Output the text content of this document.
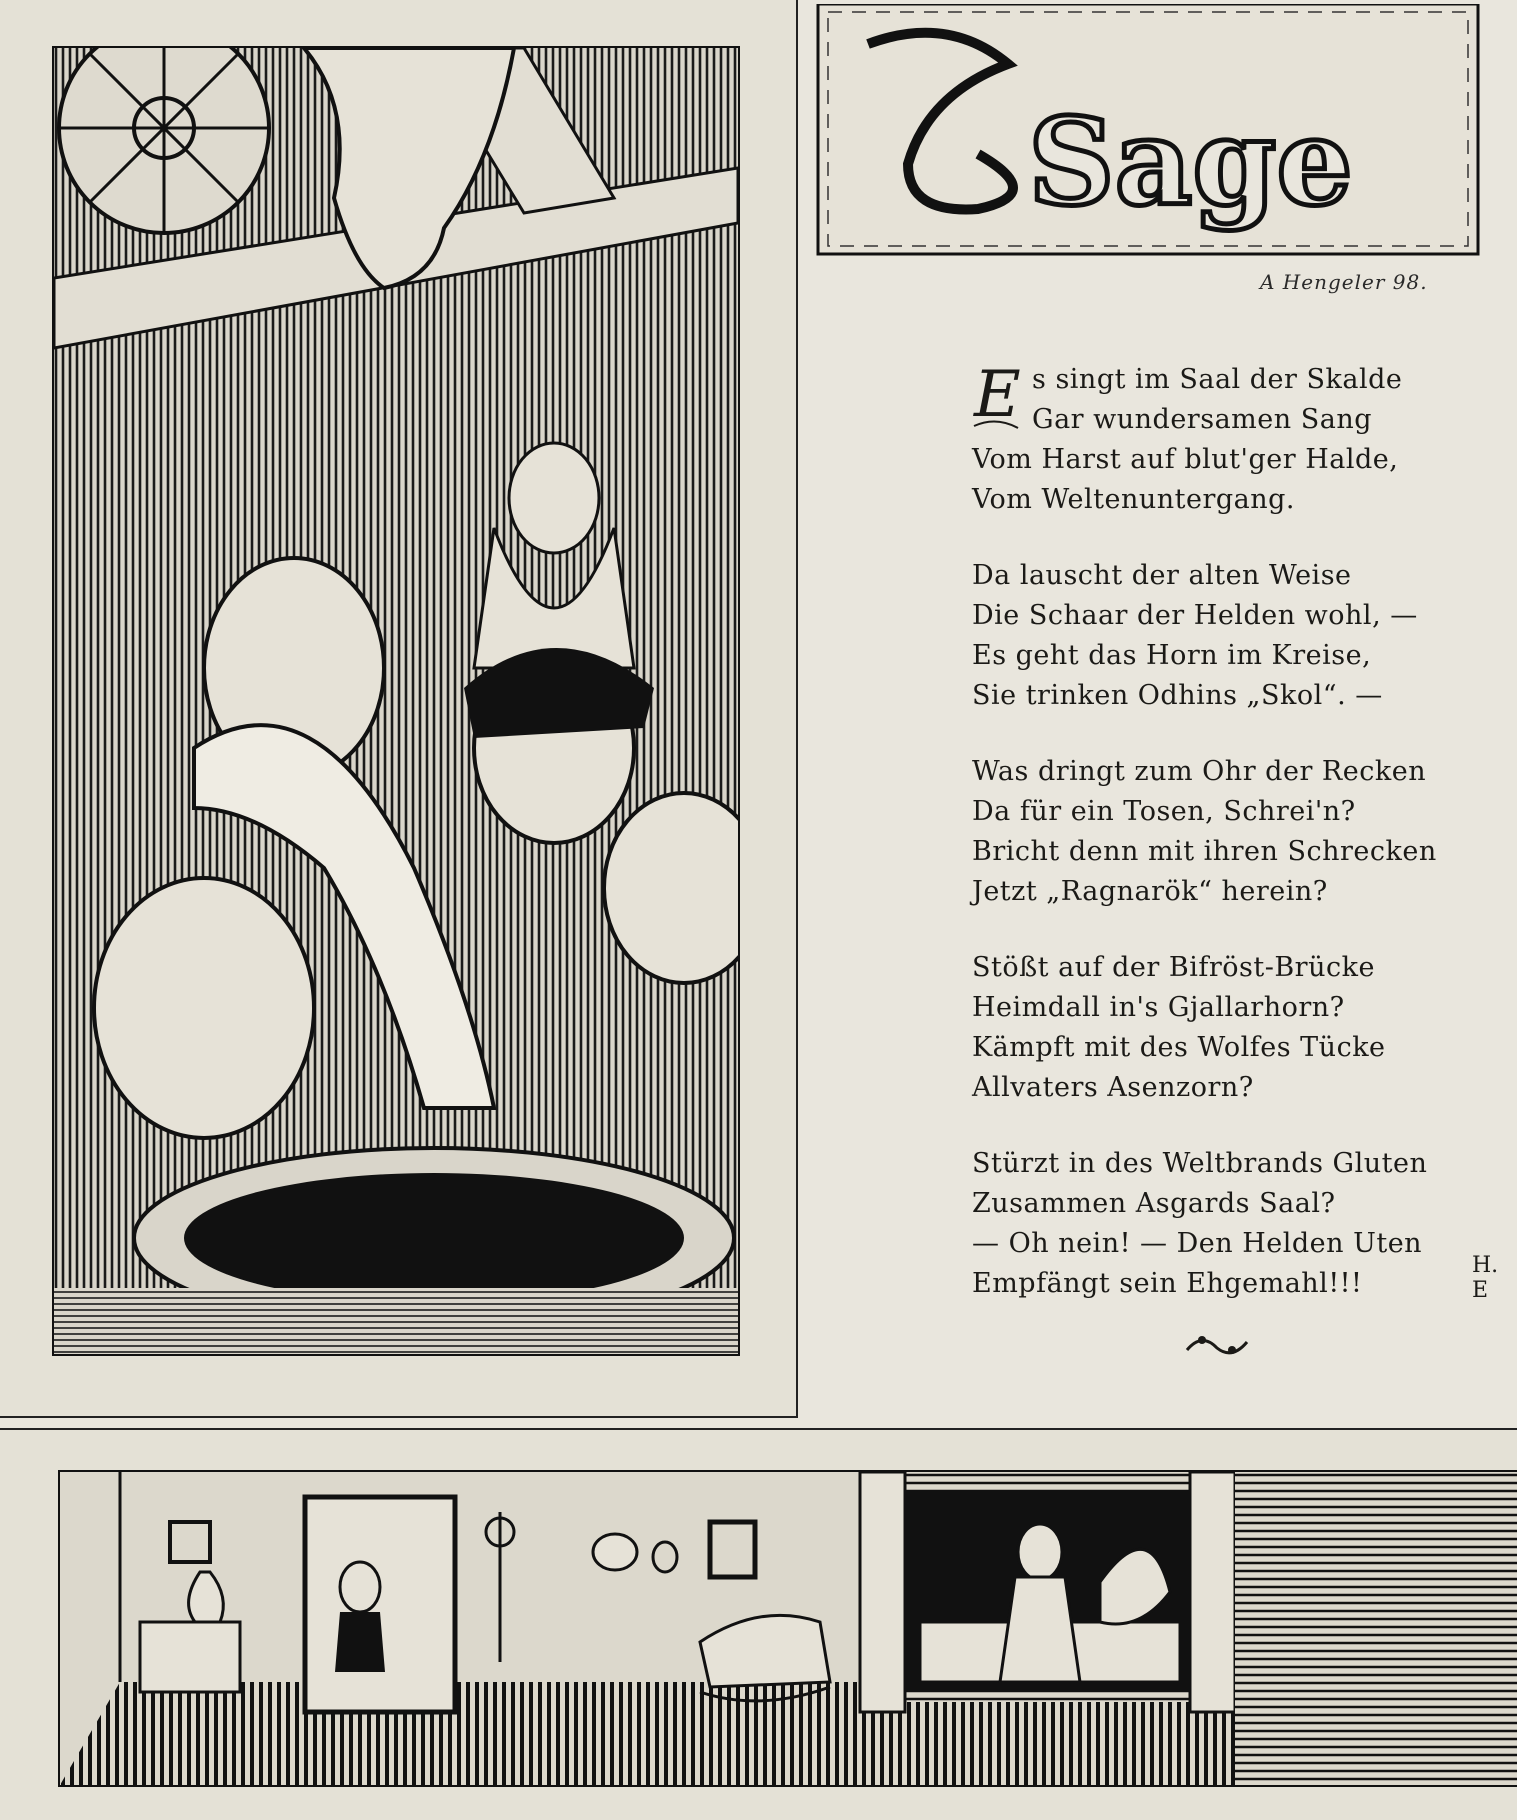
Sage
A Hengeler 98.
E s singt im Saal der Skalde
Gar wundersamen Sang
Vom Harst auf blut'ger Halde,
Vom Weltenuntergang.
Da lauscht der alten Weise
Die Schaar der Helden wohl, —
Es geht das Horn im Kreise,
Sie trinken Odhins „Skol“. —
Was dringt zum Ohr der Recken
Da für ein Tosen, Schrei'n?
Bricht denn mit ihren Schrecken
Jetzt „Ragnarök“ herein?
Stößt auf der Bifröst-Brücke
Heimdall in's Gjallarhorn?
Kämpft mit des Wolfes Tücke
Allvaters Asenzorn?
Stürzt in des Weltbrands Gluten
Zusammen Asgards Saal?
— Oh nein! — Den Helden Uten
Empfängt sein Ehgemahl!!!
H. E
